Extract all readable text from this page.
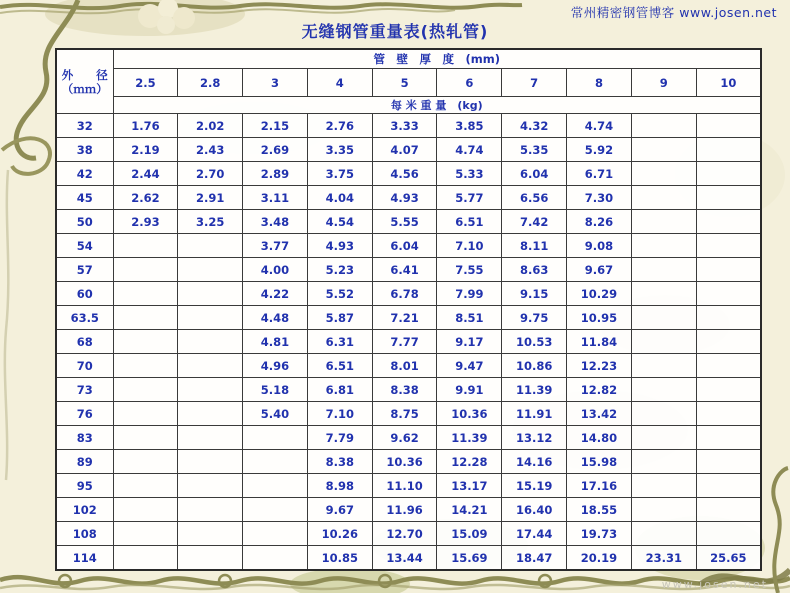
常州精密钢管博客 www.josen.net
无缝钢管重量表(热轧管)
外　　径
（ｍｍ）	管　壁　厚　度　(mm)									
	2.5	2.8	3	4	5	6	7	8	9	10
	每 米 重 量　(kg)									
32	1.76	2.02	2.15	2.76	3.33	3.85	4.32	4.74		
38	2.19	2.43	2.69	3.35	4.07	4.74	5.35	5.92		
42	2.44	2.70	2.89	3.75	4.56	5.33	6.04	6.71		
45	2.62	2.91	3.11	4.04	4.93	5.77	6.56	7.30		
50	2.93	3.25	3.48	4.54	5.55	6.51	7.42	8.26		
54			3.77	4.93	6.04	7.10	8.11	9.08		
57			4.00	5.23	6.41	7.55	8.63	9.67		
60			4.22	5.52	6.78	7.99	9.15	10.29		
63.5			4.48	5.87	7.21	8.51	9.75	10.95		
68			4.81	6.31	7.77	9.17	10.53	11.84		
70			4.96	6.51	8.01	9.47	10.86	12.23		
73			5.18	6.81	8.38	9.91	11.39	12.82		
76			5.40	7.10	8.75	10.36	11.91	13.42		
83				7.79	9.62	11.39	13.12	14.80		
89				8.38	10.36	12.28	14.16	15.98		
95				8.98	11.10	13.17	15.19	17.16		
102				9.67	11.96	14.21	16.40	18.55		
108				10.26	12.70	15.09	17.44	19.73		
114				10.85	13.44	15.69	18.47	20.19	23.31	25.65
www.josen.net
